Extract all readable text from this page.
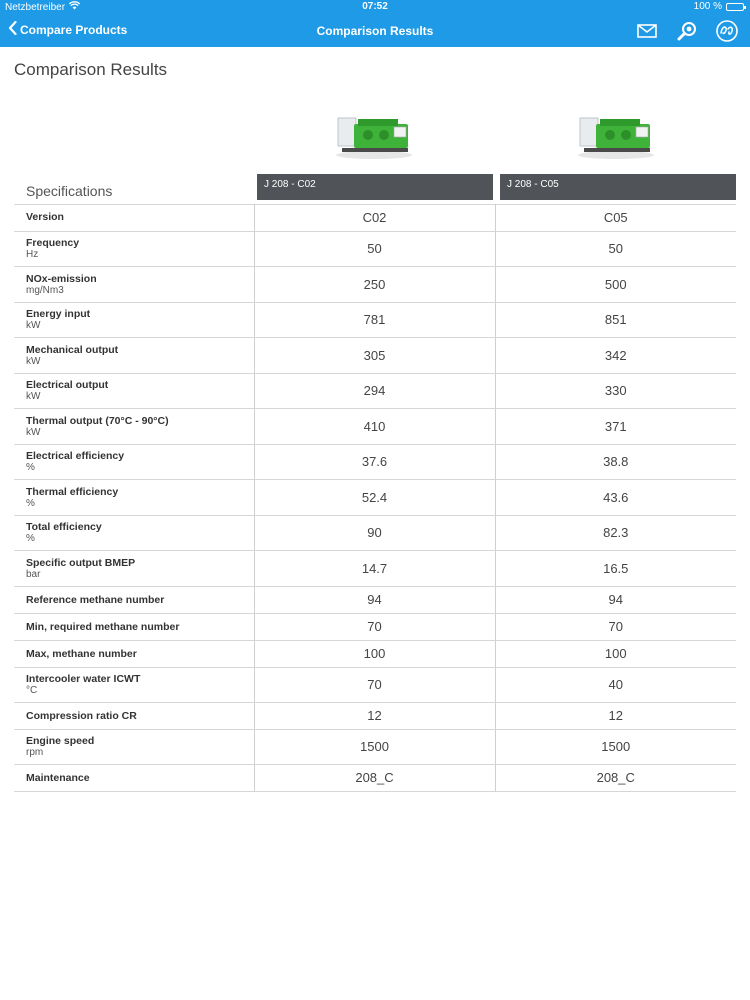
Netzbetreiber	07:52	100 %
Compare Products	Comparison Results
Comparison Results
Specifications	J 208 - C02	J 208 - C05
Version	C02	C05

Frequency
Hz	50	50

NOx-emission
mg/Nm3	250	500

Energy input
kW	781	851

Mechanical output
kW	305	342

Electrical output
kW	294	330

Thermal output (70°C - 90°C)
kW	410	371

Electrical efficiency
%	37.6	38.8

Thermal efficiency
%	52.4	43.6

Total efficiency
%	90	82.3

Specific output BMEP
bar	14.7	16.5

Reference methane number	94	94

Min, required methane number	70	70

Max, methane number	100	100

Intercooler water ICWT
°C	70	40

Compression ratio CR	12	12

Engine speed
rpm	1500	1500

Maintenance	208_C	208_C
